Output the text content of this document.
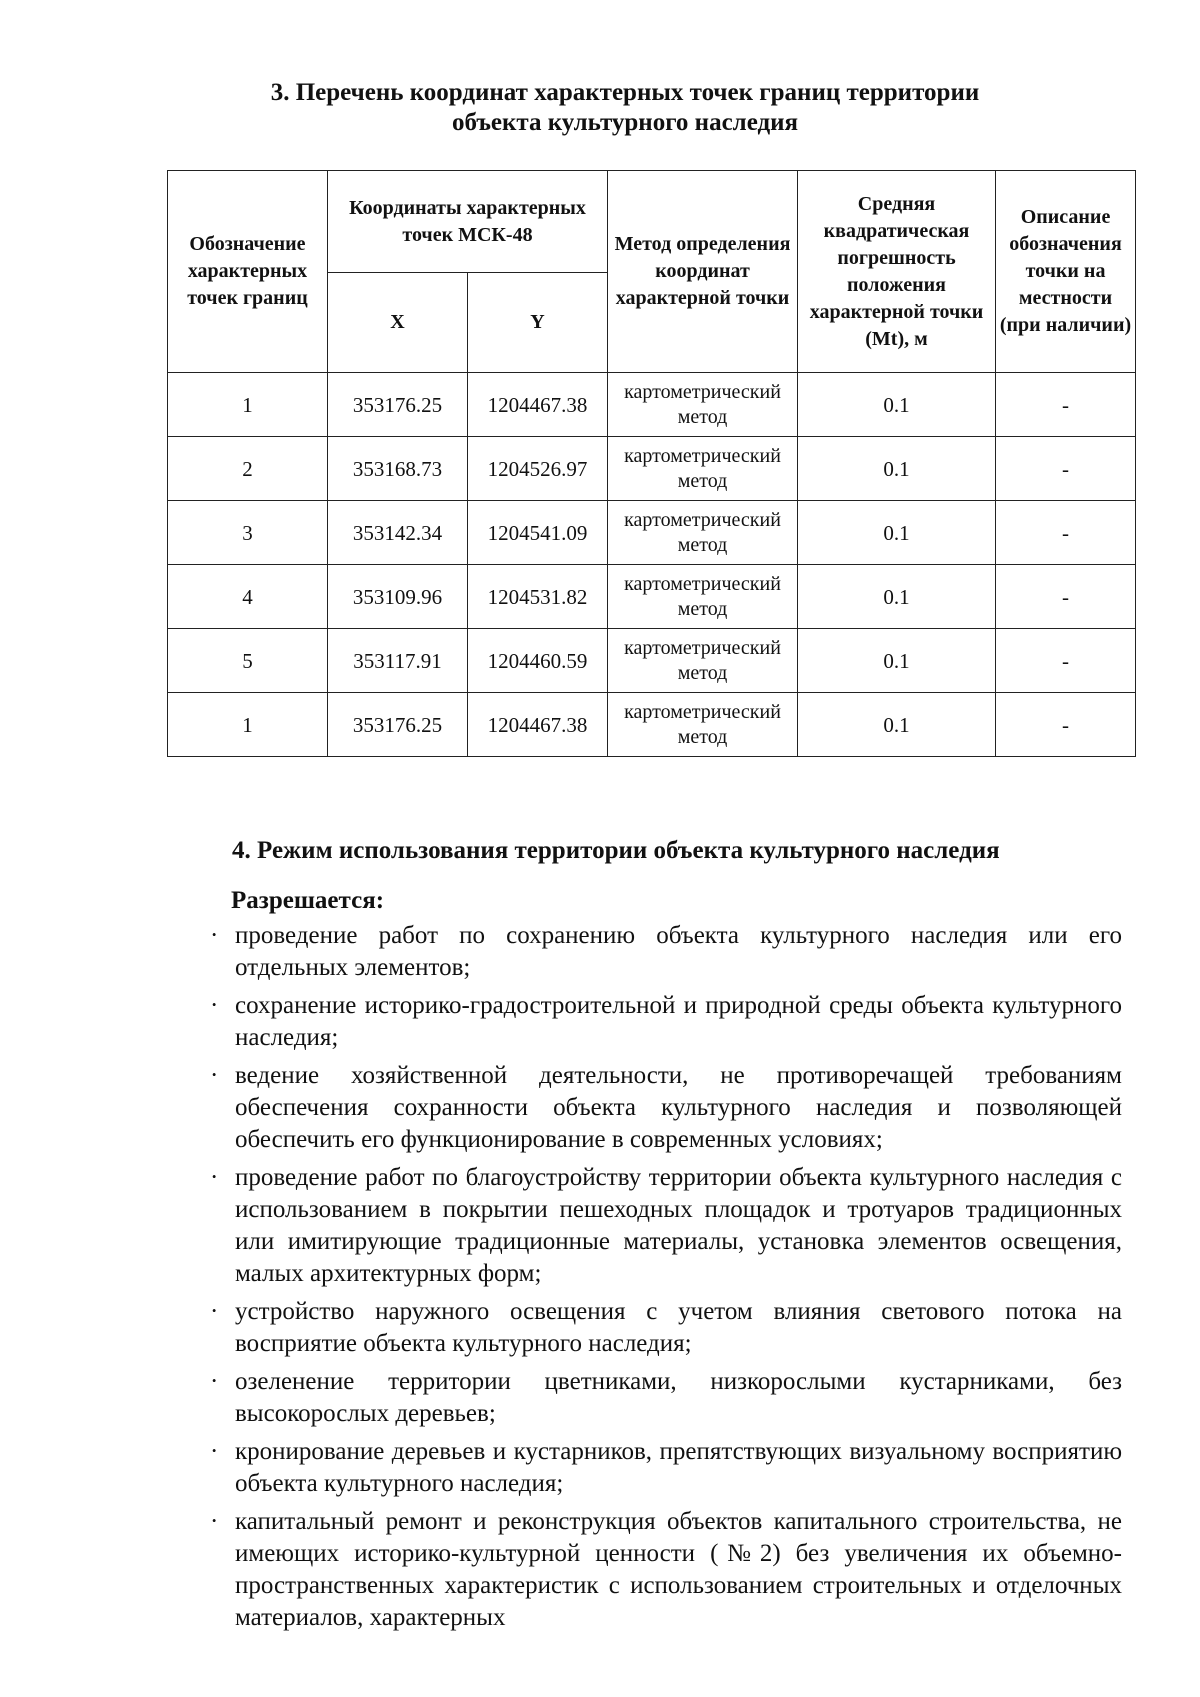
3. Перечень координат характерных точек границ территории
объекта культурного наследия
Обозначение характерных точек границ	Координаты характерных точек МСК-48		Метод определения координат характерной точки	Средняя квадратическая погрешность положения характерной точки (Mt), м	Описание обозначения точки на местности (при наличии)
	X	Y			
1	353176.25	1204467.38	картометрический метод	0.1	-
2	353168.73	1204526.97	картометрический метод	0.1	-
3	353142.34	1204541.09	картометрический метод	0.1	-
4	353109.96	1204531.82	картометрический метод	0.1	-
5	353117.91	1204460.59	картометрический метод	0.1	-
1	353176.25	1204467.38	картометрический метод	0.1	-
4. Режим использования территории объекта культурного наследия
Разрешается:
· проведение работ по сохранению объекта культурного наследия или его отдельных элементов;
· сохранение историко-градостроительной и природной среды объекта культурного наследия;
· ведение хозяйственной деятельности, не противоречащей требованиям обеспечения сохранности объекта культурного наследия и позволяющей обеспечить его функционирование в современных условиях;
· проведение работ по благоустройству территории объекта культурного наследия с использованием в покрытии пешеходных площадок и тротуаров традиционных или имитирующие традиционные материалы, установка элементов освещения, малых архитектурных форм;
· устройство наружного освещения с учетом влияния светового потока на восприятие объекта культурного наследия;
· озеленение территории цветниками, низкорослыми кустарниками, без высокорослых деревьев;
· кронирование деревьев и кустарников, препятствующих визуальному восприятию объекта культурного наследия;
· капитальный ремонт и реконструкция объектов капитального строительства, не имеющих историко-культурной ценности (№2) без увеличения их объемно-пространственных характеристик с использованием строительных и отделочных материалов, характерных
